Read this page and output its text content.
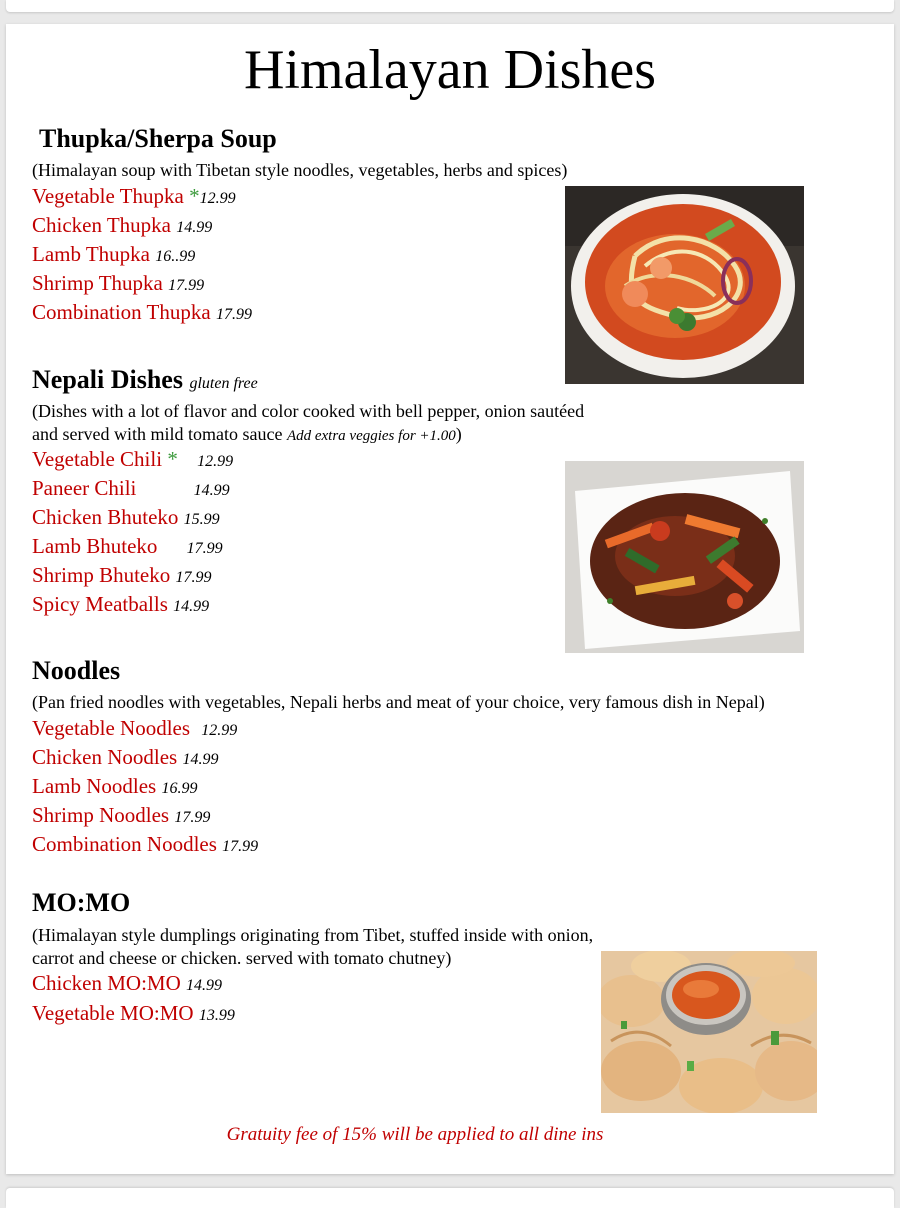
Himalayan Dishes
Thupka/Sherpa Soup
(Himalayan soup with Tibetan style noodles, vegetables, herbs and spices)
Vegetable Thupka *12.99
Chicken Thupka 14.99
Lamb Thupka 16..99
Shrimp Thupka 17.99
Combination Thupka 17.99
Nepali Dishes gluten free
(Dishes with a lot of flavor and color cooked with bell pepper, onion sautéed
and served with mild tomato sauce Add extra veggies for +1.00)
Vegetable Chili * 12.99
Paneer Chili	14.99
Chicken Bhuteko 15.99
Lamb Bhuteko 17.99
Shrimp Bhuteko 17.99
Spicy Meatballs 14.99
Noodles
(Pan fried noodles with vegetables, Nepali herbs and meat of your choice, very famous dish in Nepal)
Vegetable Noodles 12.99
Chicken Noodles 14.99
Lamb Noodles 16.99
Shrimp Noodles 17.99
Combination Noodles 17.99
MO:MO
(Himalayan style dumplings originating from Tibet, stuffed inside with onion,
carrot and cheese or chicken. served with tomato chutney)
Chicken MO:MO 14.99
Vegetable MO:MO 13.99
Gratuity fee of 15% will be applied to all dine ins
